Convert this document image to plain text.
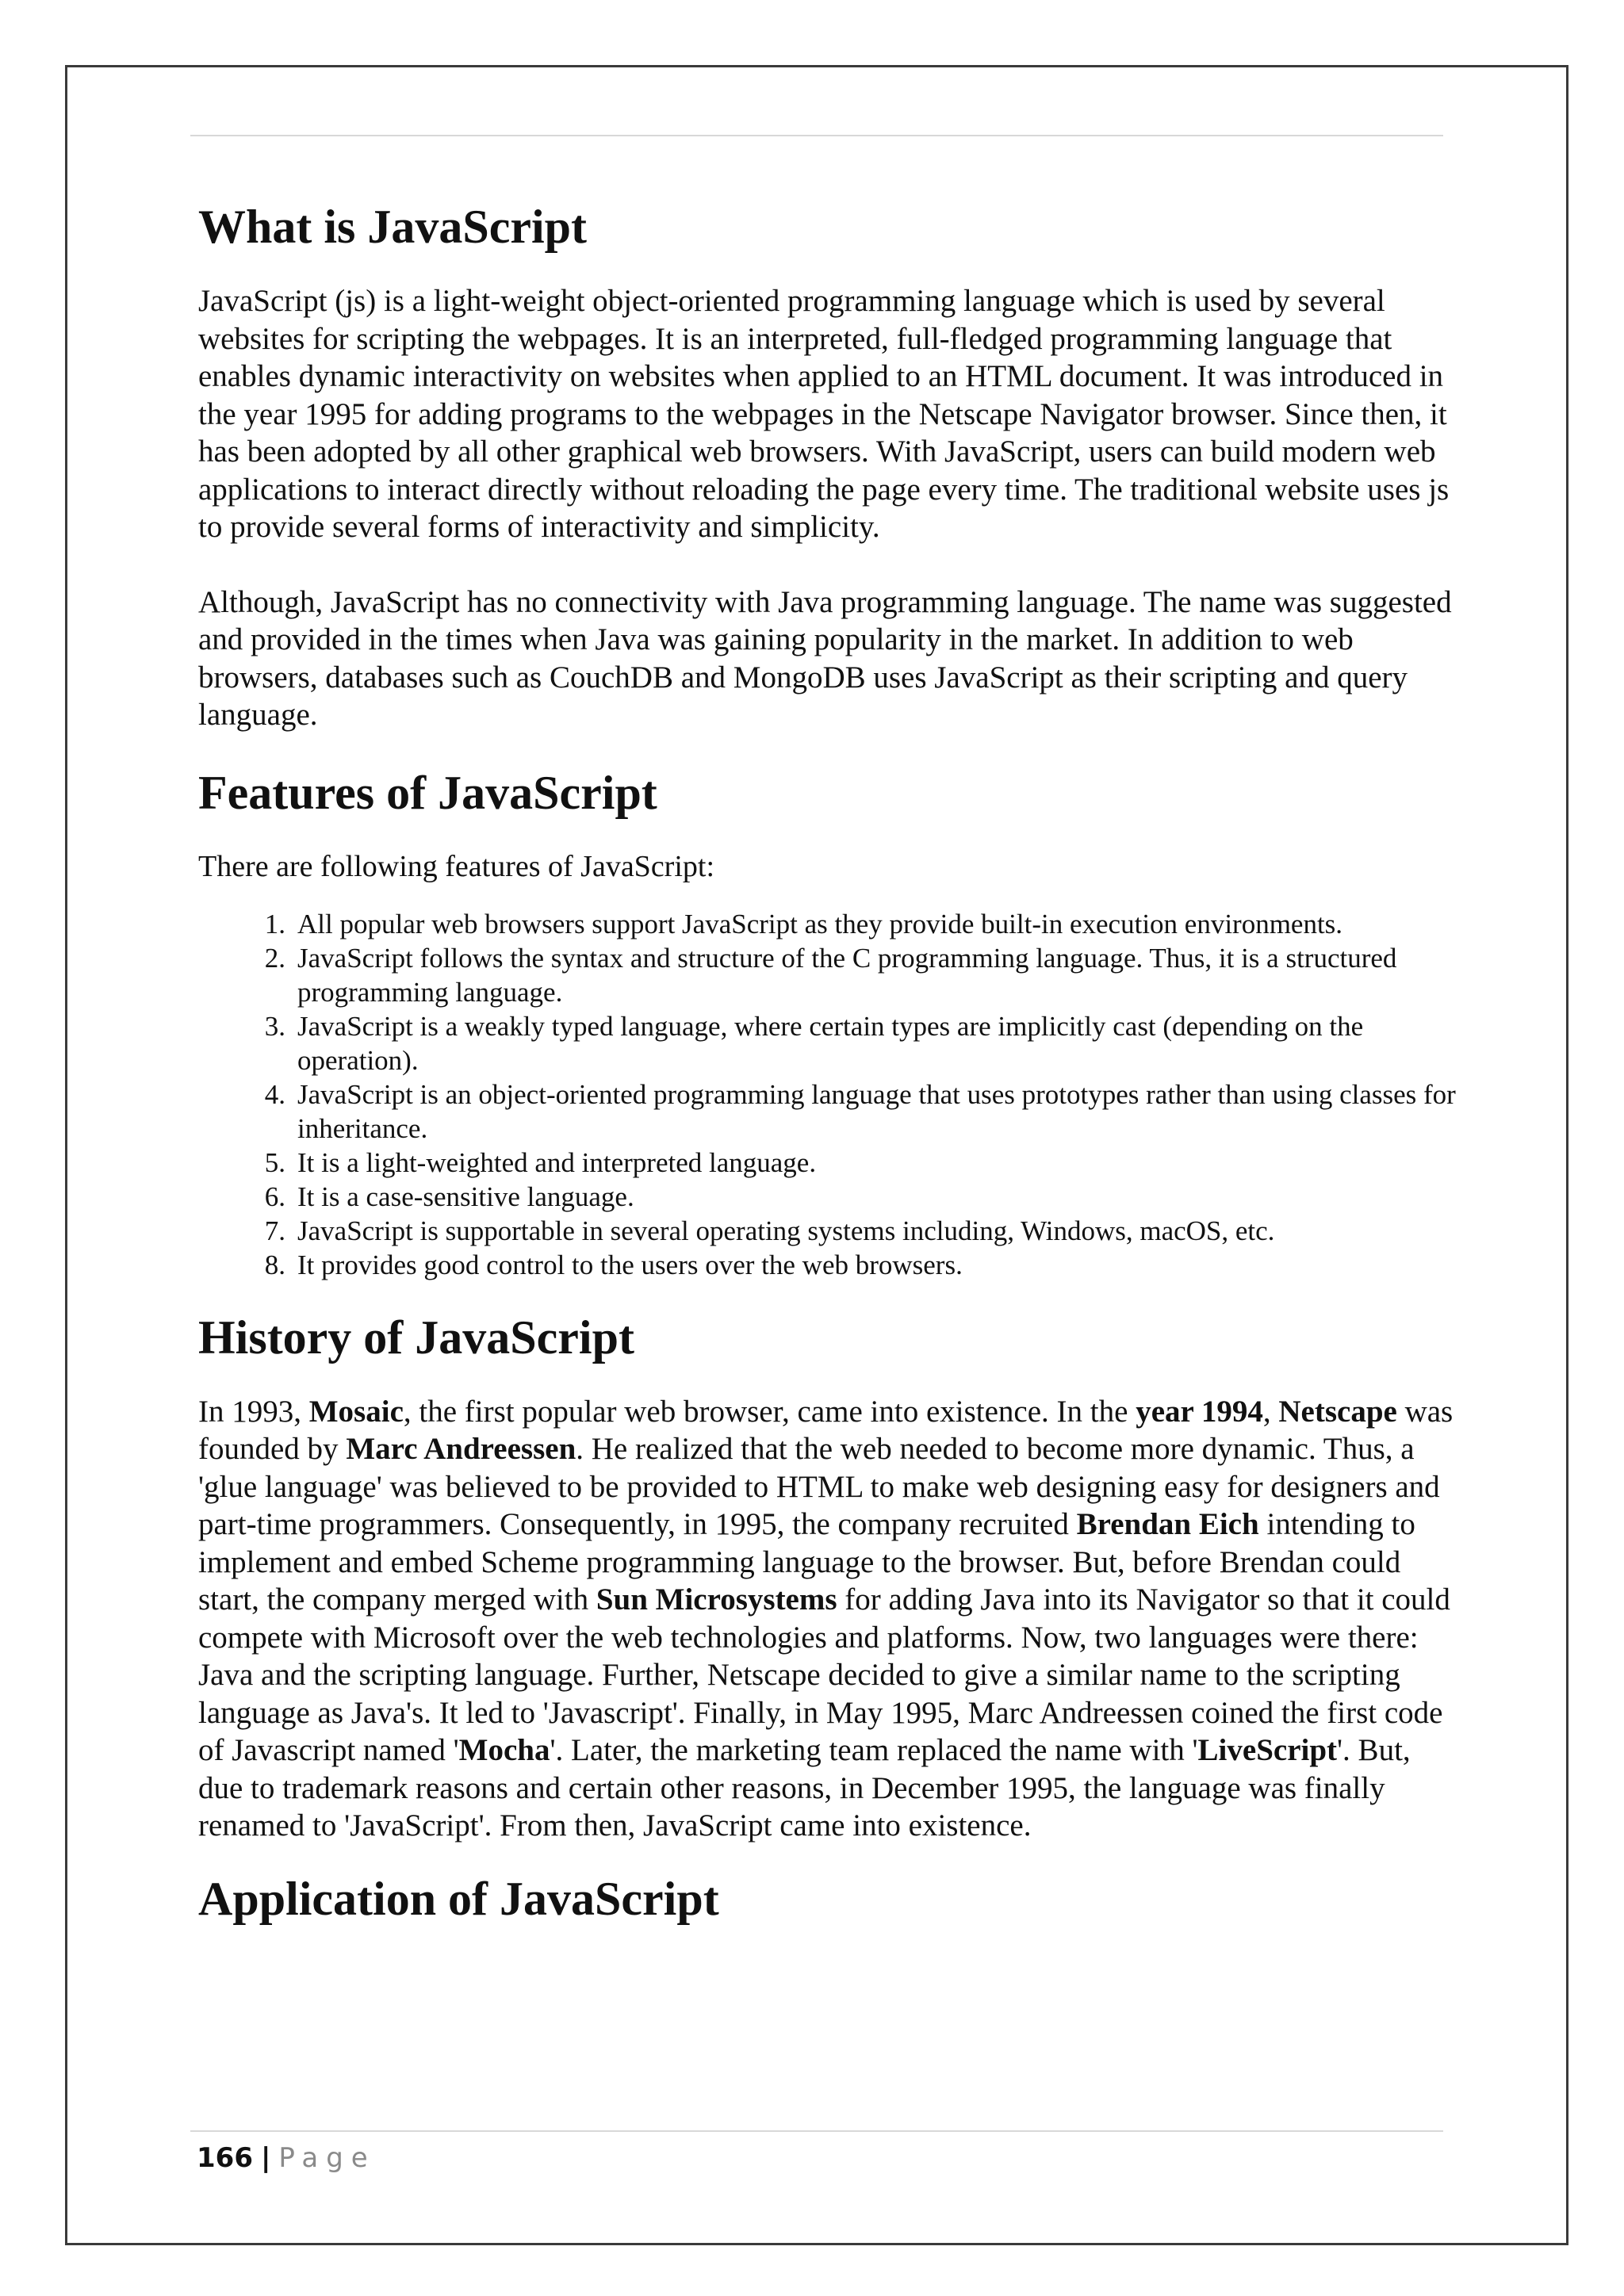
What is JavaScript

JavaScript (js) is a light-weight object-oriented programming language which is used by several websites for scripting the webpages. It is an interpreted, full-fledged programming language that enables dynamic interactivity on websites when applied to an HTML document. It was introduced in the year 1995 for adding programs to the webpages in the Netscape Navigator browser. Since then, it has been adopted by all other graphical web browsers. With JavaScript, users can build modern web applications to interact directly without reloading the page every time. The traditional website uses js to provide several forms of interactivity and simplicity.

Although, JavaScript has no connectivity with Java programming language. The name was suggested and provided in the times when Java was gaining popularity in the market. In addition to web browsers, databases such as CouchDB and MongoDB uses JavaScript as their scripting and query language.

Features of JavaScript

There are following features of JavaScript:

1. All popular web browsers support JavaScript as they provide built-in execution environments.
2. JavaScript follows the syntax and structure of the C programming language. Thus, it is a structured programming language.
3. JavaScript is a weakly typed language, where certain types are implicitly cast (depending on the operation).
4. JavaScript is an object-oriented programming language that uses prototypes rather than using classes for inheritance.
5. It is a light-weighted and interpreted language.
6. It is a case-sensitive language.
7. JavaScript is supportable in several operating systems including, Windows, macOS, etc.
8. It provides good control to the users over the web browsers.
History of JavaScript

In 1993, Mosaic, the first popular web browser, came into existence. In the year 1994, Netscape was founded by Marc Andreessen. He realized that the web needed to become more dynamic. Thus, a 'glue language' was believed to be provided to HTML to make web designing easy for designers and part-time programmers. Consequently, in 1995, the company recruited Brendan Eich intending to implement and embed Scheme programming language to the browser. But, before Brendan could start, the company merged with Sun Microsystems for adding Java into its Navigator so that it could compete with Microsoft over the web technologies and platforms. Now, two languages were there: Java and the scripting language. Further, Netscape decided to give a similar name to the scripting language as Java's. It led to 'Javascript'. Finally, in May 1995, Marc Andreessen coined the first code of Javascript named 'Mocha'. Later, the marketing team replaced the name with 'LiveScript'. But, due to trademark reasons and certain other reasons, in December 1995, the language was finally renamed to 'JavaScript'. From then, JavaScript came into existence.

Application of JavaScript
166 | Page
